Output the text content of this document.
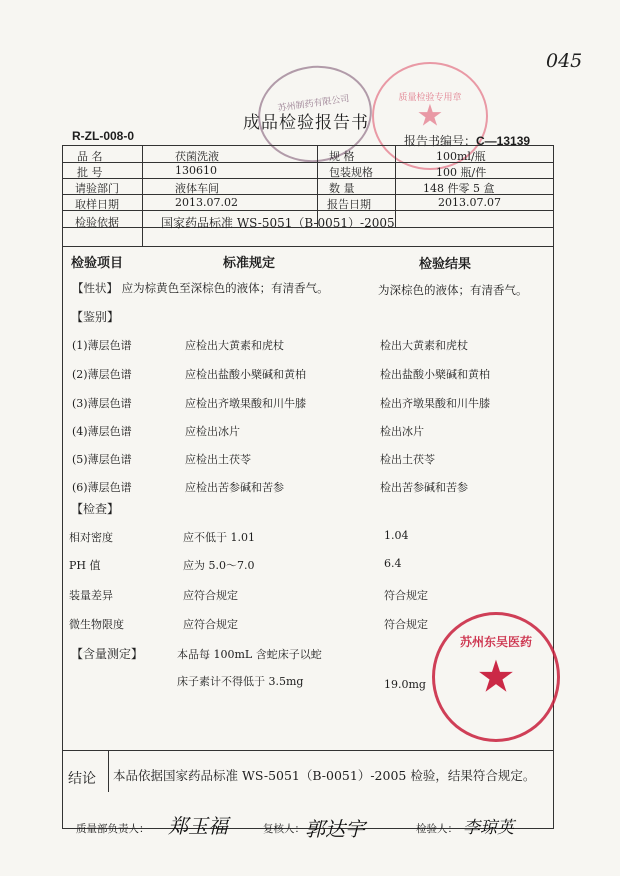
045
苏州制药有限公司	质量检验专用章
★
成品检验报告书
R-ZL-008-0	报告书编号：C—13139
品 名	茯菌洗液	规 格	100ml/瓶
批 号	130610	包装规格	100 瓶/件
请验部门	液体车间	数 量	148 件零 5 盒
取样日期	2013.07.02	报告日期	2013.07.07
检验依据	国家药品标准 WS-5051（B-0051）-2005
检验项目	标准规定	检验结果
【性状】 应为棕黄色至深棕色的液体；有清香气。	为深棕色的液体；有清香气。
【鉴别】
(1)薄层色谱	应检出大黄素和虎杖	检出大黄素和虎杖
(2)薄层色谱	应检出盐酸小檗碱和黄柏	检出盐酸小檗碱和黄柏
(3)薄层色谱	应检出齐墩果酸和川牛膝	检出齐墩果酸和川牛膝
(4)薄层色谱	应检出冰片	检出冰片
(5)薄层色谱	应检出土茯苓	检出土茯苓
(6)薄层色谱	应检出苦参碱和苦参	检出苦参碱和苦参
【检查】
相对密度	应不低于 1.01	1.04
PH 值	应为 5.0～7.0	6.4
装量差异	应符合规定	符合规定
微生物限度	应符合规定	符合规定
【含量测定】	本品每 100mL 含蛇床子以蛇
床子素计不得低于 3.5mg	19.0mg
苏州东吴医药
★
结论 本品依据国家药品标准 WS-5051（B-0051）-2005 检验，结果符合规定。
质量部负责人： 郑玉福	复核人： 郭达宇	检验人： 李琼英
